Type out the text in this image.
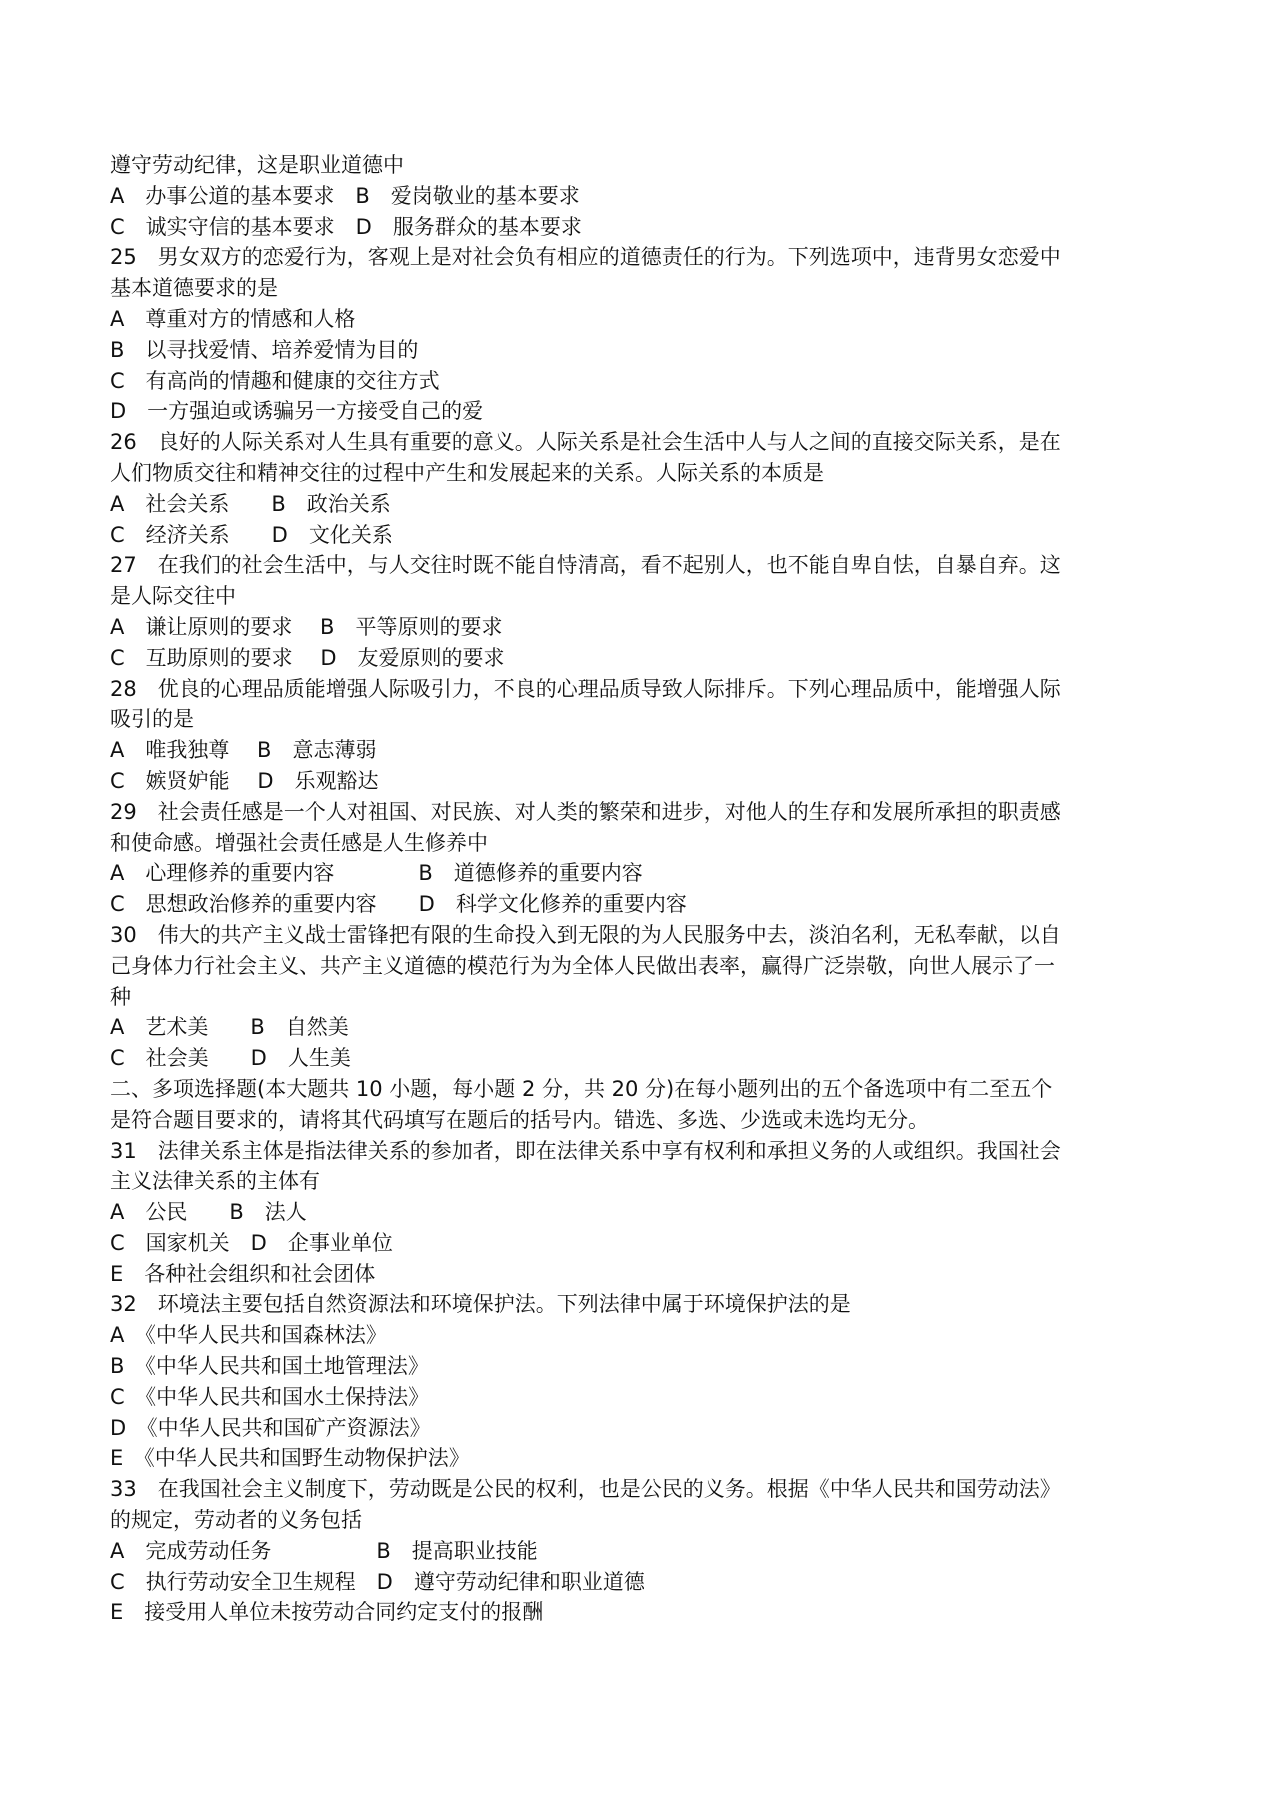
遵守劳动纪律，这是职业道德中
A　办事公道的基本要求　B　爱岗敬业的基本要求
C　诚实守信的基本要求　D　服务群众的基本要求
25　男女双方的恋爱行为，客观上是对社会负有相应的道德责任的行为。下列选项中，违背男女恋爱中
基本道德要求的是
A　尊重对方的情感和人格
B　以寻找爱情、培养爱情为目的
C　有高尚的情趣和健康的交往方式
D　一方强迫或诱骗另一方接受自己的爱
26　良好的人际关系对人生具有重要的意义。人际关系是社会生活中人与人之间的直接交际关系，是在
人们物质交往和精神交往的过程中产生和发展起来的关系。人际关系的本质是
A　社会关系　　B　政治关系
C　经济关系　　D　文化关系
27　在我们的社会生活中，与人交往时既不能自恃清高，看不起别人，也不能自卑自怯，自暴自弃。这
是人际交往中
A　谦让原则的要求　 B　平等原则的要求
C　互助原则的要求　 D　友爱原则的要求
28　优良的心理品质能增强人际吸引力，不良的心理品质导致人际排斥。下列心理品质中，能增强人际
吸引的是
A　唯我独尊　 B　意志薄弱
C　嫉贤妒能　 D　乐观豁达
29　社会责任感是一个人对祖国、对民族、对人类的繁荣和进步，对他人的生存和发展所承担的职责感
和使命感。增强社会责任感是人生修养中
A　心理修养的重要内容　　　　B　道德修养的重要内容
C　思想政治修养的重要内容　　D　科学文化修养的重要内容
30　伟大的共产主义战士雷锋把有限的生命投入到无限的为人民服务中去，淡泊名利，无私奉献，以自
己身体力行社会主义、共产主义道德的模范行为为全体人民做出表率，赢得广泛崇敬，向世人展示了一
种
A　艺术美　　B　自然美
C　社会美　　D　人生美
二、多项选择题(本大题共 10 小题，每小题 2 分，共 20 分)在每小题列出的五个备选项中有二至五个
是符合题目要求的，请将其代码填写在题后的括号内。错选、多选、少选或未选均无分。
31　法律关系主体是指法律关系的参加者，即在法律关系中享有权利和承担义务的人或组织。我国社会
主义法律关系的主体有
A　公民　　B　法人
C　国家机关　D　企事业单位
E　各种社会组织和社会团体
32　环境法主要包括自然资源法和环境保护法。下列法律中属于环境保护法的是
A　《中华人民共和国森林法》
B　《中华人民共和国土地管理法》
C　《中华人民共和国水土保持法》
D　《中华人民共和国矿产资源法》
E　《中华人民共和国野生动物保护法》
33　在我国社会主义制度下，劳动既是公民的权利，也是公民的义务。根据《中华人民共和国劳动法》
的规定，劳动者的义务包括
A　完成劳动任务　　　　　B　提高职业技能
C　执行劳动安全卫生规程　D　遵守劳动纪律和职业道德
E　接受用人单位未按劳动合同约定支付的报酬
